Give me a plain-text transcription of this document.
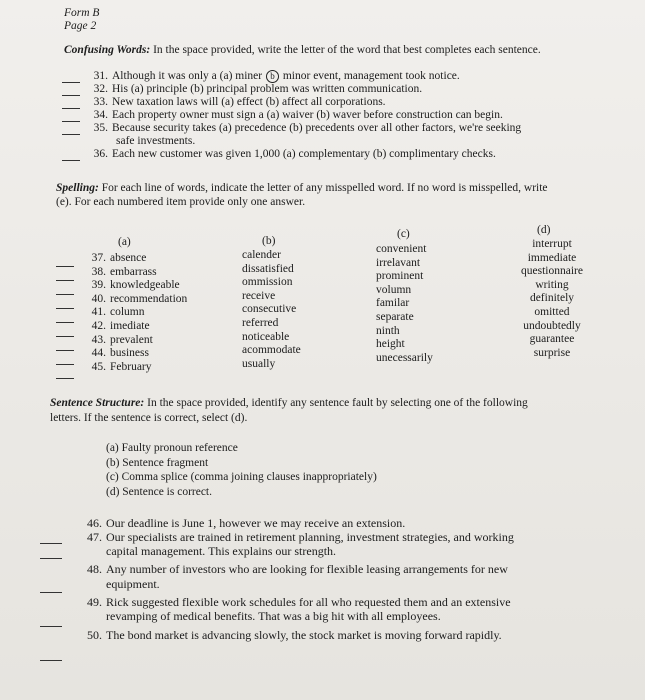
Form B
Page 2
Confusing Words: In the space provided, write the letter of the word that best completes each sentence.
31. Although it was only a (a) miner b minor event, management took notice.
32. His (a) principle (b) principal problem was written communication.
33. New taxation laws will (a) effect (b) affect all corporations.
34. Each property owner must sign a (a) waiver (b) waver before construction can begin.
35. Because security takes (a) precedence (b) precedents over all other factors, we're seeking
safe investments.
36. Each new customer was given 1,000 (a) complementary (b) complimentary checks.
Spelling: For each line of words, indicate the letter of any misspelled word. If no word is misspelled, write
(e). For each numbered item provide only one answer.
(a)	(b)
(c)	(d)
37. absence
38. embarrass
39. knowledgeable
40. recommendation
41. column
42. imediate
43. prevalent
44. business
45. February
calender
dissatisfied
ommission
receive
consecutive
referred
noticeable
acommodate
usually
convenient
irrelavant
prominent
volumn
familar
separate
ninth
height
unecessarily
interrupt
immediate
questionnaire
writing
definitely
omitted
undoubtedly
guarantee
surprise
Sentence Structure: In the space provided, identify any sentence fault by selecting one of the following
letters. If the sentence is correct, select (d).
(a) Faulty pronoun reference
(b) Sentence fragment
(c) Comma splice (comma joining clauses inappropriately)
(d) Sentence is correct.
46. Our deadline is June 1, however we may receive an extension.
47. Our specialists are trained in retirement planning, investment strategies, and working
capital management. This explains our strength.
48. Any number of investors who are looking for flexible leasing arrangements for new
equipment.
49. Rick suggested flexible work schedules for all who requested them and an extensive
revamping of medical benefits. That was a big hit with all employees.
50. The bond market is advancing slowly, the stock market is moving forward rapidly.
